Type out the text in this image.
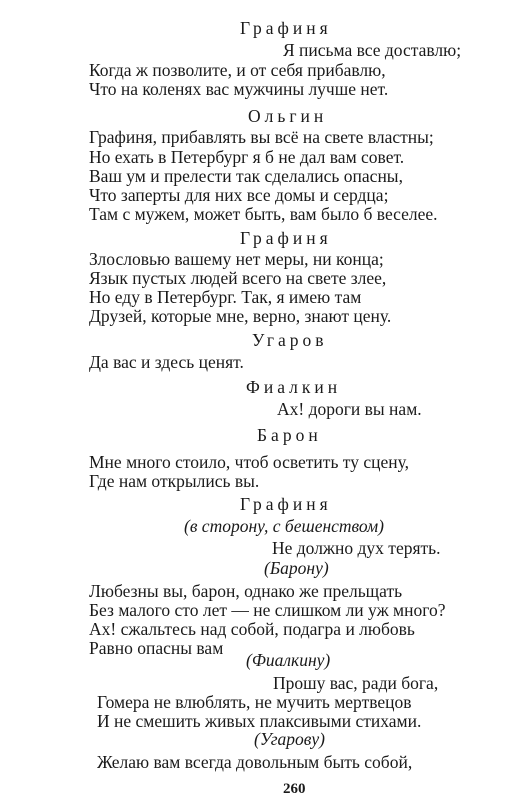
Графиня
Я письма все доставлю;
Когда ж позволите, и от себя прибавлю,
Что на коленях вас мужчины лучше нет.
Ольгин
Графиня, прибавлять вы всё на свете властны;
Но ехать в Петербург я б не дал вам совет.
Ваш ум и прелести так сделались опасны,
Что заперты для них все домы и сердца;
Там с мужем, может быть, вам было б веселее.
Графиня
Злословью вашему нет меры, ни конца;
Язык пустых людей всего на свете злее,
Но еду в Петербург. Так, я имею там
Друзей, которые мне, верно, знают цену.
Угаров
Да вас и здесь ценят.
Фиалкин
Ах! дороги вы нам.
Барон
Мне много стоило, чтоб осветить ту сцену,
Где нам открылись вы.
Графиня
(в сторону, с бешенством)
Не должно дух терять.
(Барону)
Любезны вы, барон, однако же прельщать
Без малого сто лет — не слишком ли уж много?
Ах! сжальтесь над собой, подагра и любовь
Равно опасны вам
(Фиалкину)
Прошу вас, ради бога,
Гомера не влюблять, не мучить мертвецов
И не смешить живых плаксивыми стихами.
(Угарову)
Желаю вам всегда довольным быть собой,
260
